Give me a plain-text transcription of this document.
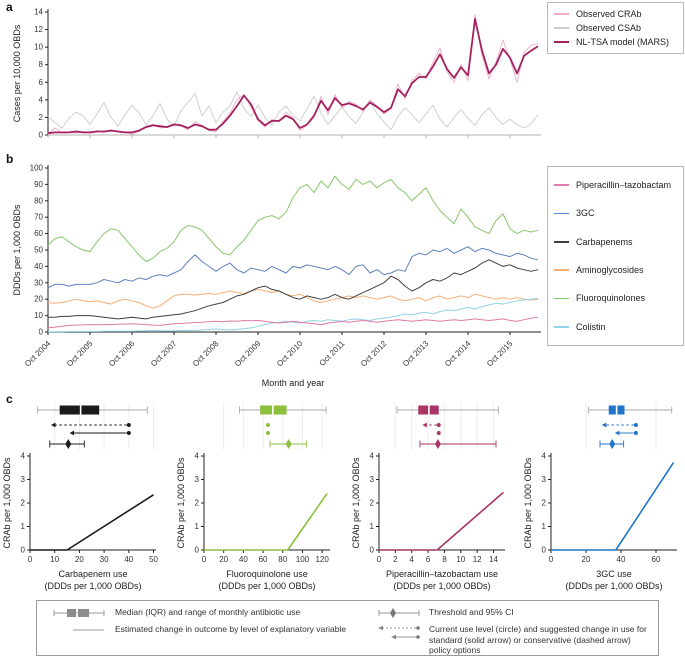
a
0
2
4
6
8
10
12
14
Cases per 10,000 OBDs
Observed CRAb
Observed CSAb
NL-TSA model (MARS)
b
0
10
20
30
40
50
60
70
80
90
100
Oct 2004 Oct 2005 Oct 2006 Oct 2007 Oct 2008 Oct 2009 Oct 2010 Oct 2011 Oct 2012 Oct 2013 Oct 2014 Oct 2015
DDDs per 1,000 OBDs
Month and year
Piperacillin–tazobactam
3GC
Carbapenems
Aminoglycosides
Fluoroquinolones
Colistin
c
0
1
2
3
4
0 10 20 30 40 50
Carbapenem use
(DDDs per 1,000 OBDs)
CRAb per 1,000 OBDs
0
1
2
3
4
0 20 40 60 80 100 120
Fluoroquinolone use
(DDDs per 1,000 OBDs)
CRAb per 1,000 OBDs
0
1
2
3
4
0 2 4 6 8 10 12 14
Piperacillin–tazobactam use
(DDDs per 1,000 OBDs)
CRAb per 1,000 OBDs
0
1
2
3
4
0	20	40	60
3GC use
(DDDs per 1,000 OBDs)
CRAb per 1,000 OBDs
Median (IQR) and range of monthly antibiotic use
Estimated change in outcome by level of explanatory variable
Threshold and 95% CI
Current use level (circle) and suggested change in use for standard (solid arrow) or conservative (dashed arrow) policy options
